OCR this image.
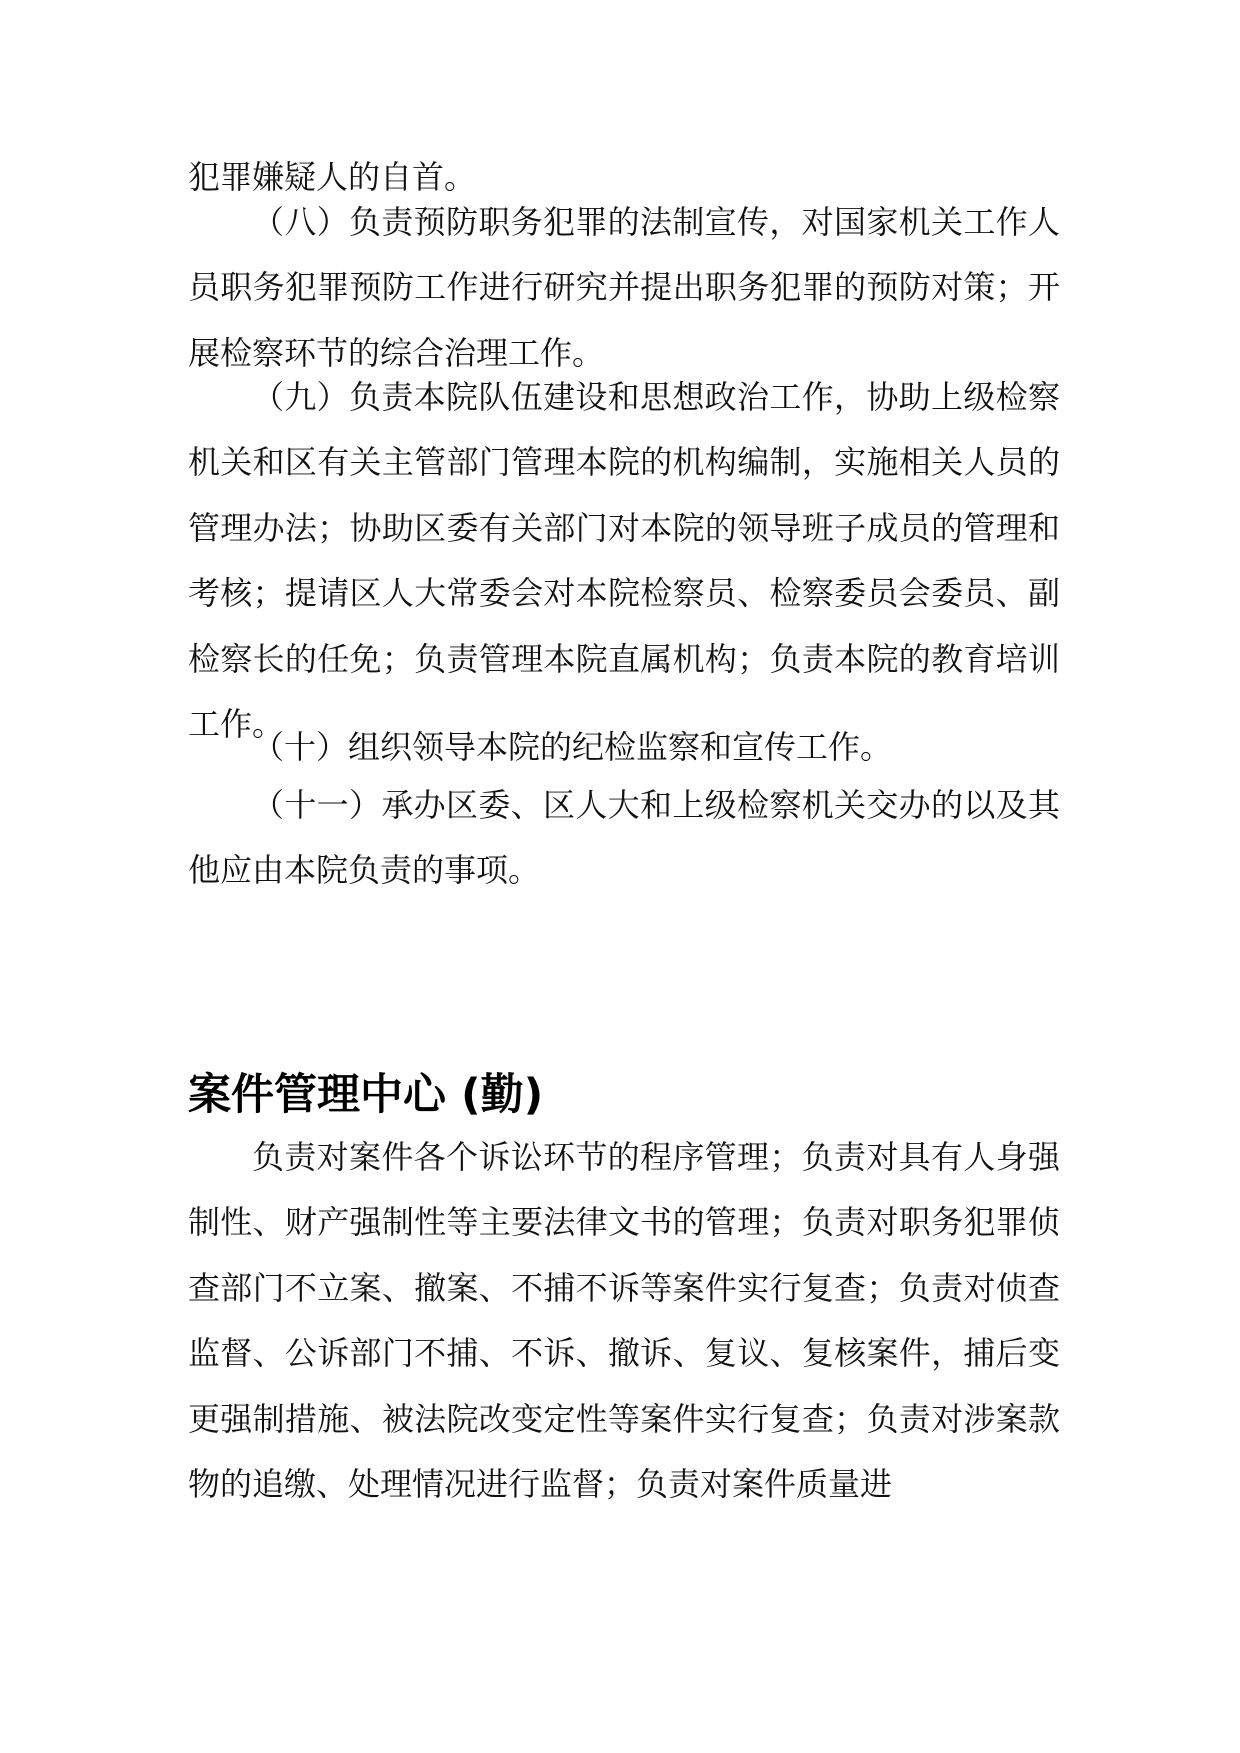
犯罪嫌疑人的自首。

（八）负责预防职务犯罪的法制宣传，对国家机关工作人员职务犯罪预防工作进行研究并提出职务犯罪的预防对策；开展检察环节的综合治理工作。

（九）负责本院队伍建设和思想政治工作，协助上级检察机关和区有关主管部门管理本院的机构编制，实施相关人员的管理办法；协助区委有关部门对本院的领导班子成员的管理和考核；提请区人大常委会对本院检察员、检察委员会委员、副检察长的任免；负责管理本院直属机构；负责本院的教育培训工作。

（十）组织领导本院的纪检监察和宣传工作。

（十一）承办区委、区人大和上级检察机关交办的以及其他应由本院负责的事项。

案件管理中心 (勤)

负责对案件各个诉讼环节的程序管理；负责对具有人身强制性、财产强制性等主要法律文书的管理；负责对职务犯罪侦查部门不立案、撤案、不捕不诉等案件实行复查；负责对侦查监督、公诉部门不捕、不诉、撤诉、复议、复核案件，捕后变更强制措施、被法院改变定性等案件实行复查；负责对涉案款物的追缴、处理情况进行监督；负责对案件质量进
